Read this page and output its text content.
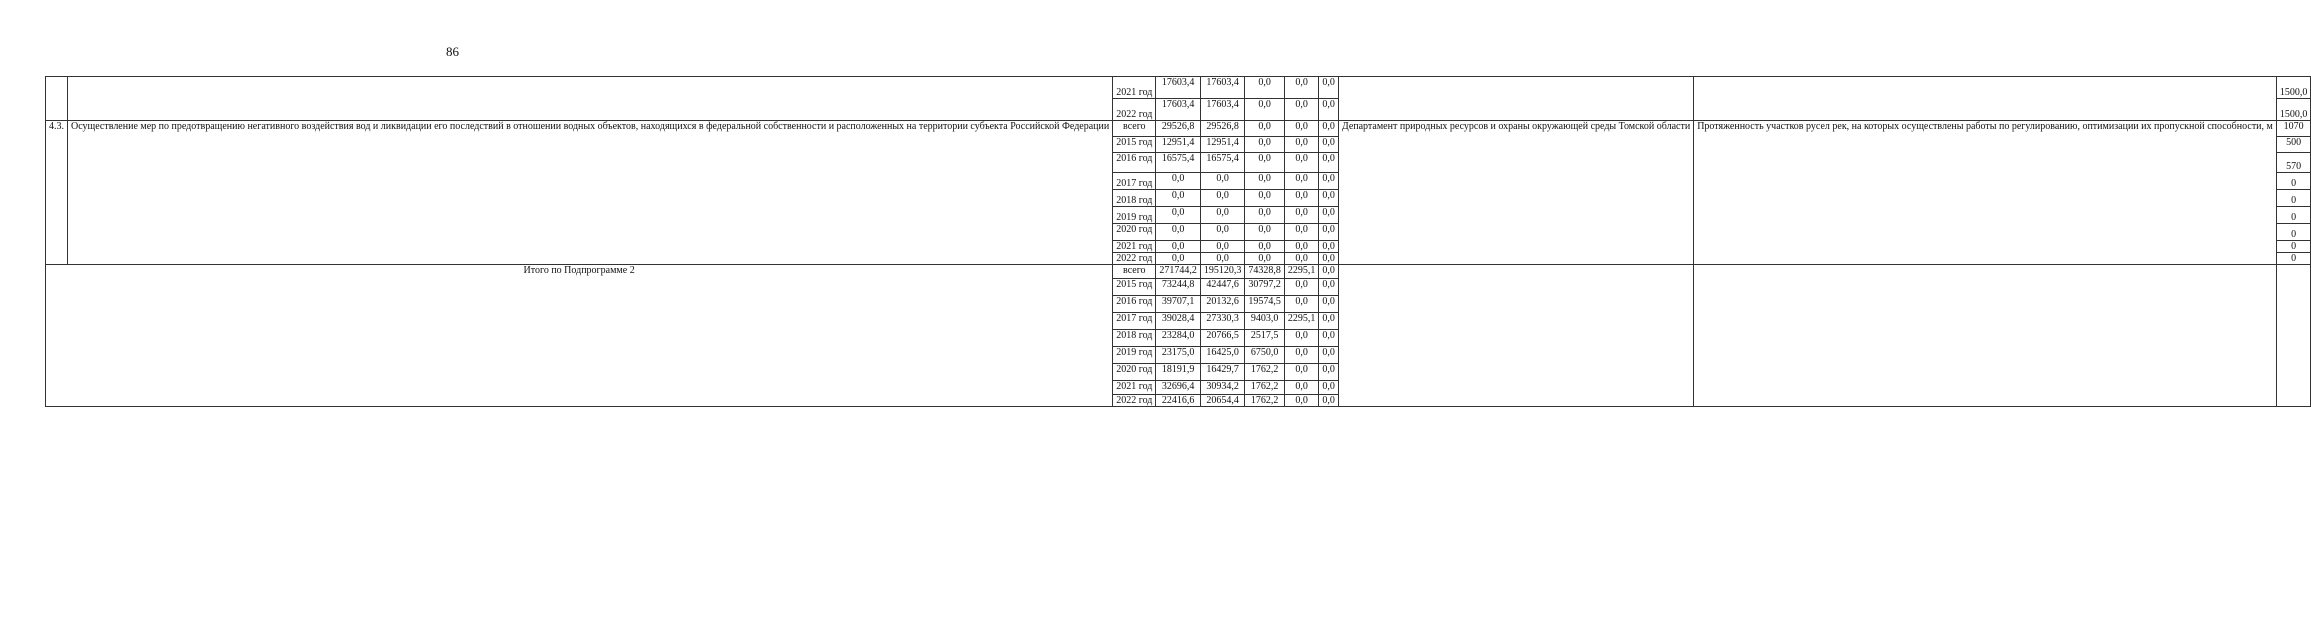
86
		2021 год	17603,4	17603,4	0,0	0,0	0,0			1500,0
		2022 год	17603,4	17603,4	0,0	0,0	0,0			1500,0
4.3.	Осуществление мер по предотвращению негативного воздействия вод и ликвидации его последствий в отношении водных объектов, находящихся в федеральной собственности и расположенных на территории субъекта Российской Федерации	всего	29526,8	29526,8	0,0	0,0	0,0	Департамент природных ресурсов и охраны окружающей среды Томской области	Протяженность участков русел рек, на которых осуществлены работы по регулированию, оптимизации их пропускной способности, м	1070
		2015 год	12951,4	12951,4	0,0	0,0	0,0			500
		2016 год	16575,4	16575,4	0,0	0,0	0,0			570
		2017 год	0,0	0,0	0,0	0,0	0,0			0
		2018 год	0,0	0,0	0,0	0,0	0,0			0
		2019 год	0,0	0,0	0,0	0,0	0,0			0
		2020 год	0,0	0,0	0,0	0,0	0,0			0
		2021 год	0,0	0,0	0,0	0,0	0,0			0
		2022 год	0,0	0,0	0,0	0,0	0,0			0
Итого по Подпрограмме 2		всего	271744,2	195120,3	74328,8	2295,1	0,0			
		2015 год	73244,8	42447,6	30797,2	0,0	0,0			
		2016 год	39707,1	20132,6	19574,5	0,0	0,0			
		2017 год	39028,4	27330,3	9403,0	2295,1	0,0			
		2018 год	23284,0	20766,5	2517,5	0,0	0,0			
		2019 год	23175,0	16425,0	6750,0	0,0	0,0			
		2020 год	18191,9	16429,7	1762,2	0,0	0,0			
		2021 год	32696,4	30934,2	1762,2	0,0	0,0			
		2022 год	22416,6	20654,4	1762,2	0,0	0,0			
